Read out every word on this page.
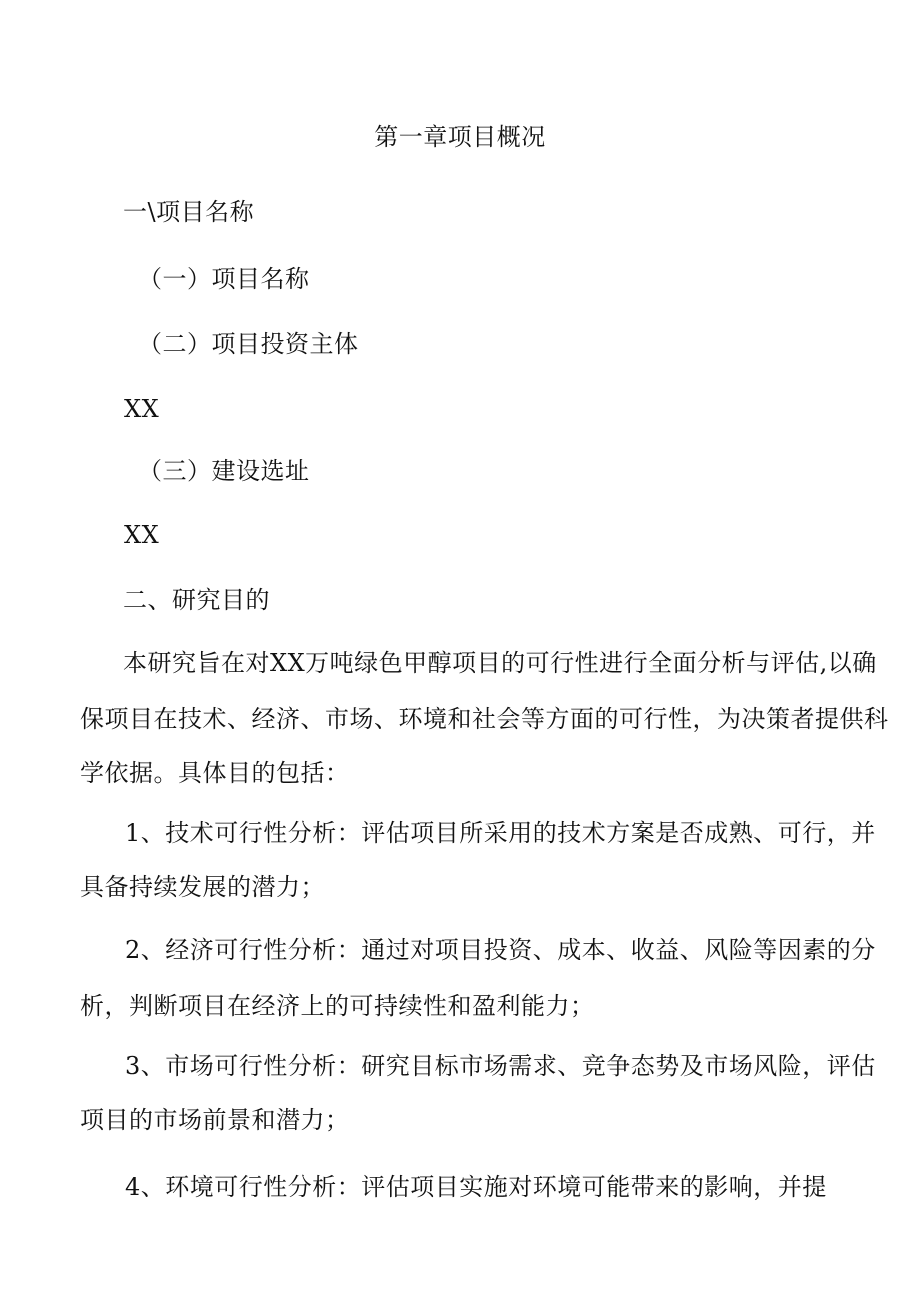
第一章项目概况
一\项目名称
（一）项目名称
（二）项目投资主体
XX
（三）建设选址
XX
二、研究目的
本研究旨在对XX万吨绿色甲醇项目的可行性进行全面分析与评估,以确
保项目在技术、经济、市场、环境和社会等方面的可行性，为决策者提供科
学依据。具体目的包括：
1、技术可行性分析：评估项目所采用的技术方案是否成熟、可行，并
具备持续发展的潜力；
2、经济可行性分析：通过对项目投资、成本、收益、风险等因素的分
析，判断项目在经济上的可持续性和盈利能力；
3、市场可行性分析：研究目标市场需求、竞争态势及市场风险，评估
项目的市场前景和潜力；
4、环境可行性分析：评估项目实施对环境可能带来的影响，并提
